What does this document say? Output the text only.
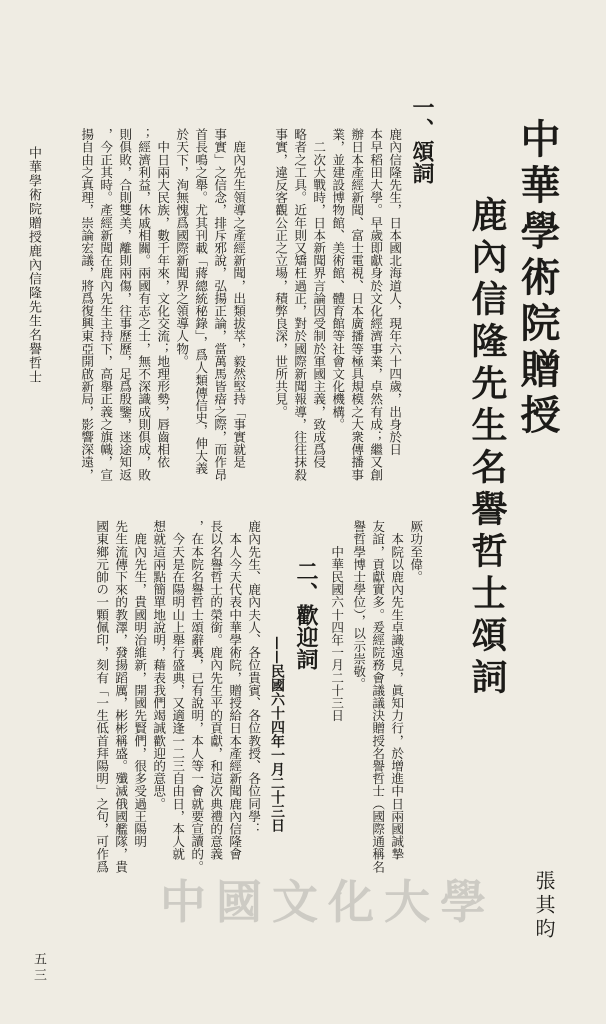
中華學術院贈授
鹿內信隆先生名譽哲士頌詞
一、頌詞

鹿內信隆先生，日本國北海道人，現年六十四歲，出身於日

本早稻田大學。早歲即獻身於文化經濟事業，卓然有成；繼又創

辦日本產經新聞、富士電視、日本廣播等極具規模之大衆傳播事

業，並建設博物館、美術館、體育館等社會文化機構。

　二次大戰時，日本新聞界言論因受制於軍國主義，致成爲侵

略者之工具。近年則又矯枉過正，對於國際新聞報導，往往抹殺

事實，違反客觀公正之立場，積弊良深，世所共見。

　鹿內先生領導之產經新聞，出類拔萃，毅然堅持「事實就是

事實」之信念，排斥邪說，弘揚正論，當萬馬皆瘖之際，而作昂

首長鳴之舉。尤其刊載「蔣總統秘錄」，爲人類傳信史，伸大義

於天下，洵無愧爲國際新聞界之領導人物。

　中日兩大民族，數千年來，文化交流；地理形勢，唇齒相依

；經濟利益，休戚相關。兩國有志之士，無不深識成則俱成，敗

則俱敗，合則雙美，離則兩傷，往事歷歷，足爲殷鑒，迷途知返

，今正其時。產經新聞在鹿內先生主持下，高舉正義之旗幟，宣

揚自由之真理，崇論宏議，將爲復興東亞開啟新局，影響深遠，

厥功至偉。

　本院以鹿內先生卓識遠見，眞知力行，於增進中日兩國誠摯

友誼，貢獻實多。爰經院務會議議決贈授名譽哲士（國際通稱名

譽哲學博士學位），以示崇敬。

　　中華民國六十四年一月二十三日

二、歡迎詞

——民國六十四年一月二十三日

鹿內先生、鹿內夫人、各位貴賓、各位教授、各位同學：

　本人今天代表中華學術院，贈授給日本產經新聞鹿內信隆會

長以名譽哲士的榮銜。鹿內先生平的貢獻，和這次典禮的意義

，在本院名譽哲士頌辭裏，已有說明，本人等一會就要宣讀的。

　今天是在陽明山上舉行盛典，又適逢一二三自由日，本人就

想就這兩點簡單地說明，藉表我們竭誠歡迎的意思。

　鹿內先生，貴國明治維新，開國先賢們，很多受過王陽明

先生流傳下來的教澤，發揚蹈厲，彬彬稱盛。殲滅俄國艦隊，貴

國東鄉元帥の一顆佩印，刻有「一生低首拜陽明」之句，可作爲

張其昀

中華學術院贈授鹿內信隆先生名譽哲士

五三

中國文化大學
